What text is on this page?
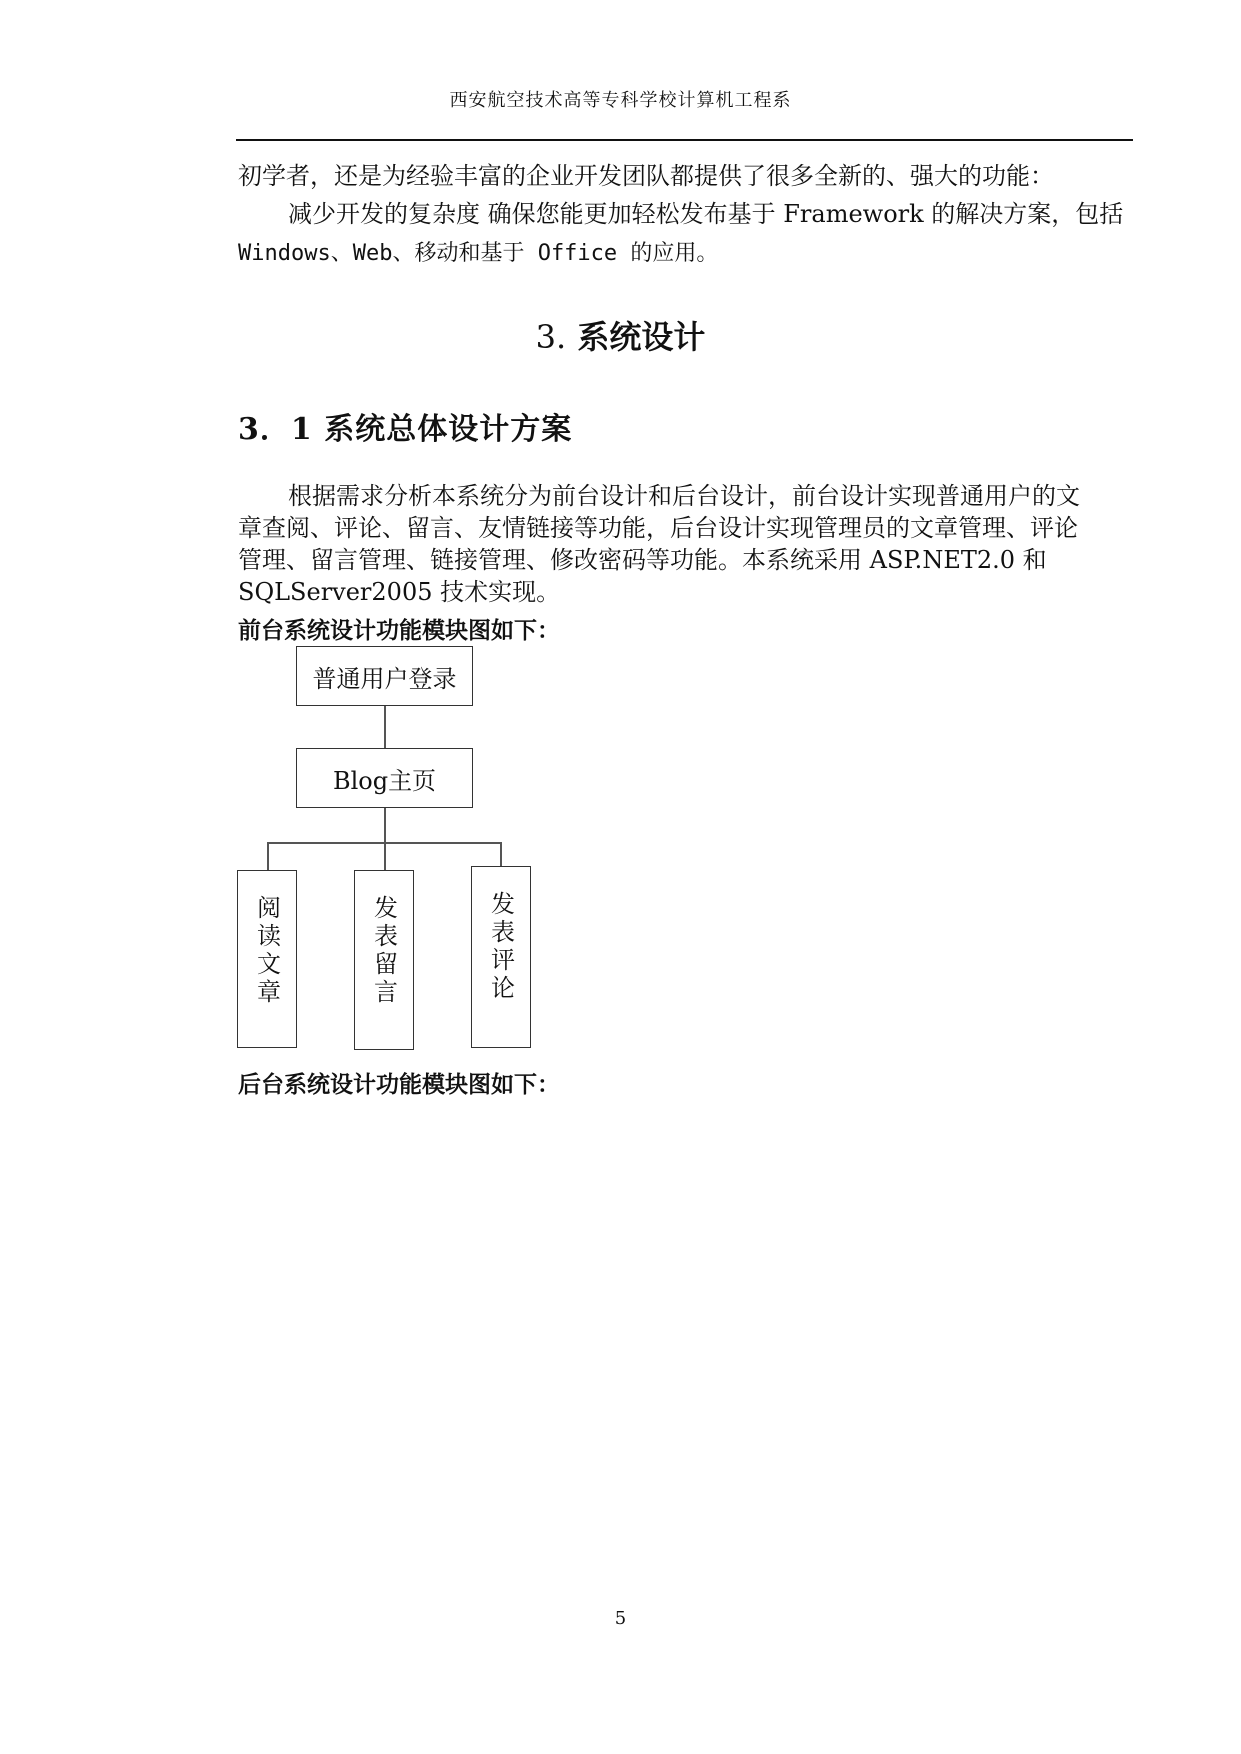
西安航空技术高等专科学校计算机工程系
初学者，还是为经验丰富的企业开发团队都提供了很多全新的、强大的功能：
减少开发的复杂度 确保您能更加轻松发布基于 Framework 的解决方案，包括
Windows、Web、移动和基于 Office 的应用。
3. 系统设计
3．1 系统总体设计方案
根据需求分析本系统分为前台设计和后台设计，前台设计实现普通用户的文
章查阅、评论、留言、友情链接等功能，后台设计实现管理员的文章管理、评论
管理、留言管理、链接管理、修改密码等功能。本系统采用 ASP.NET2.0 和
SQLServer2005 技术实现。
前台系统设计功能模块图如下：
普通用户登录
Blog主页
阅读文章	发表留言	发表评论
后台系统设计功能模块图如下：
5
